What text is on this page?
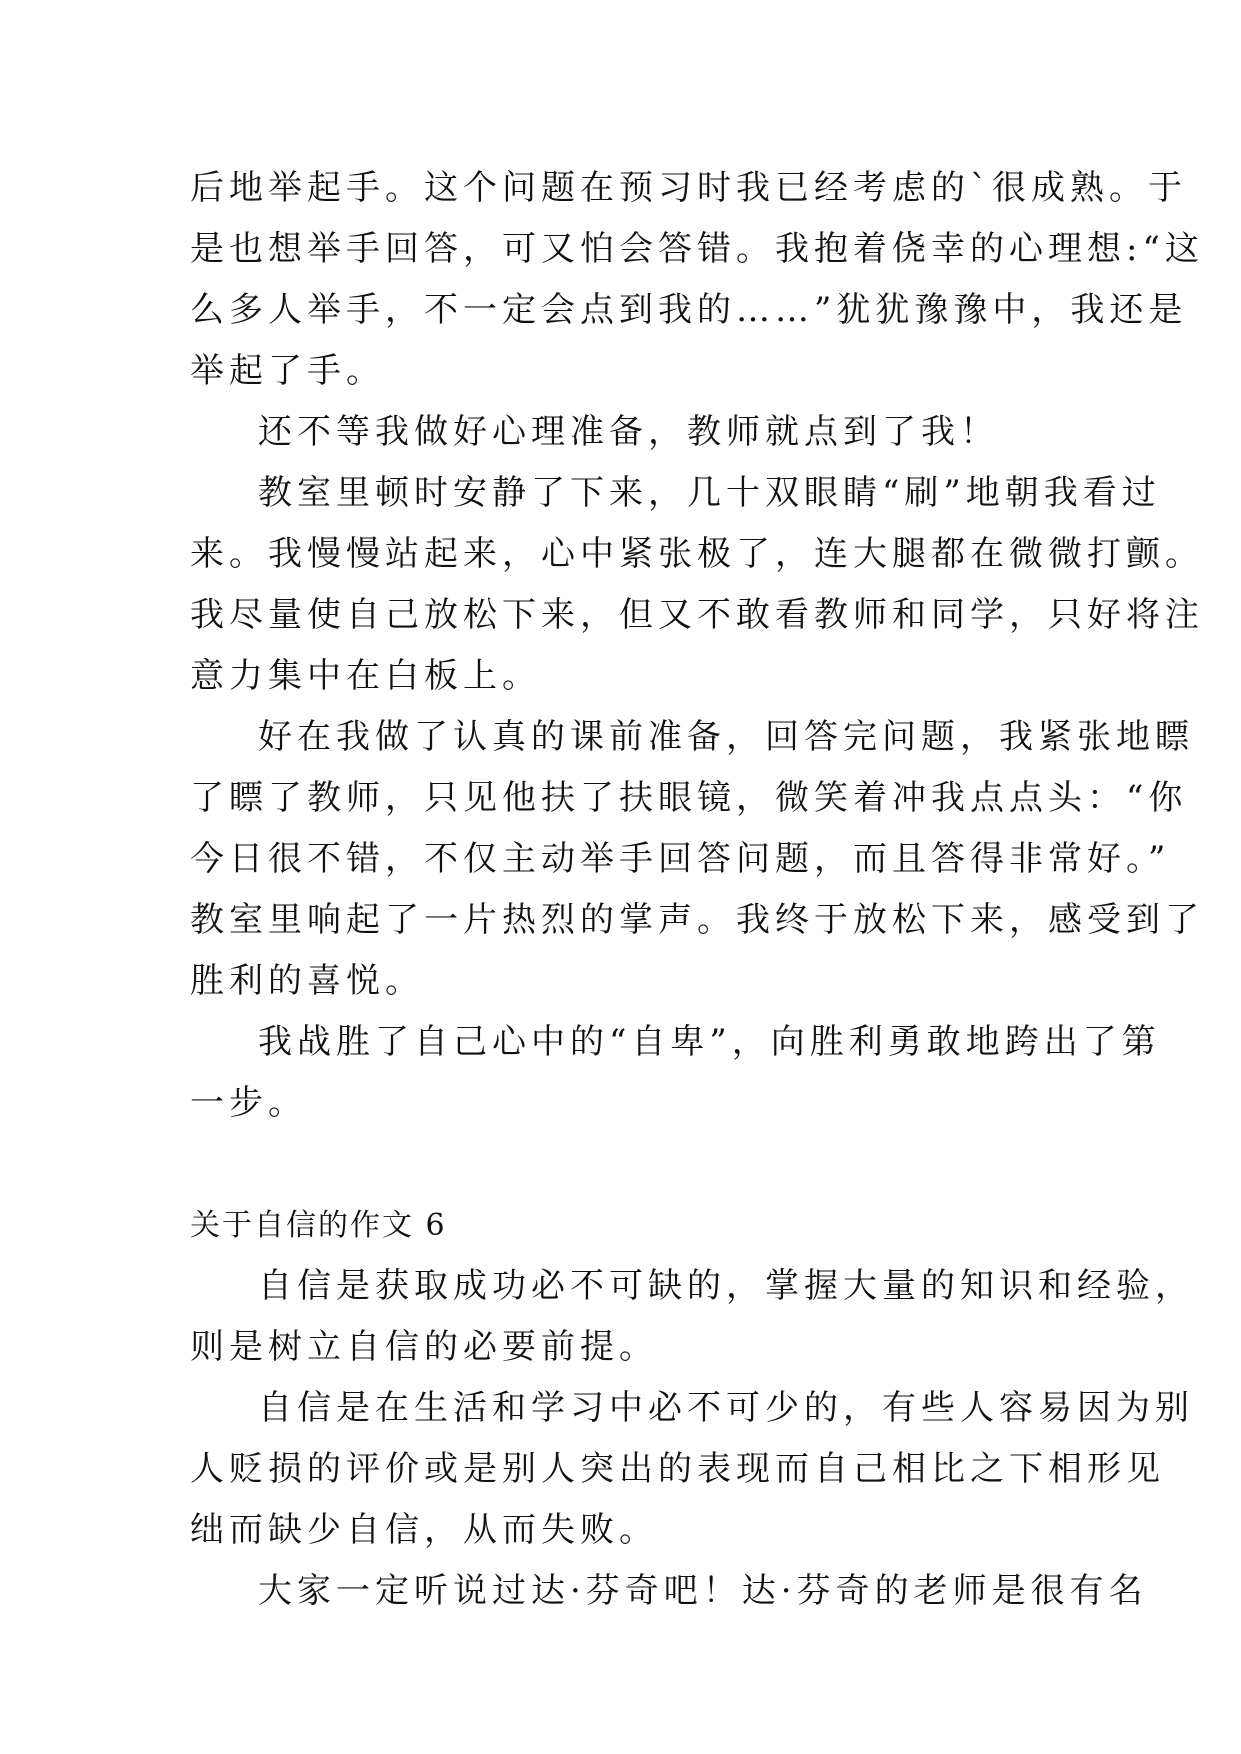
后地举起手。这个问题在预习时我已经考虑的`很成熟。于
是也想举手回答，可又怕会答错。我抱着侥幸的心理想:“这
么多人举手，不一定会点到我的……”犹犹豫豫中，我还是
举起了手。
还不等我做好心理准备，教师就点到了我！
教室里顿时安静了下来，几十双眼睛“刷”地朝我看过
来。我慢慢站起来，心中紧张极了，连大腿都在微微打颤。
我尽量使自己放松下来，但又不敢看教师和同学，只好将注
意力集中在白板上。
好在我做了认真的课前准备，回答完问题，我紧张地瞟
了瞟了教师，只见他扶了扶眼镜，微笑着冲我点点头：“你
今日很不错，不仅主动举手回答问题，而且答得非常好。”
教室里响起了一片热烈的掌声。我终于放松下来，感受到了
胜利的喜悦。
我战胜了自己心中的“自卑”，向胜利勇敢地跨出了第
一步。
关于自信的作文 6
自信是获取成功必不可缺的，掌握大量的知识和经验，
则是树立自信的必要前提。
自信是在生活和学习中必不可少的，有些人容易因为别
人贬损的评价或是别人突出的表现而自己相比之下相形见
绌而缺少自信，从而失败。
大家一定听说过达·芬奇吧！达·芬奇的老师是很有名
